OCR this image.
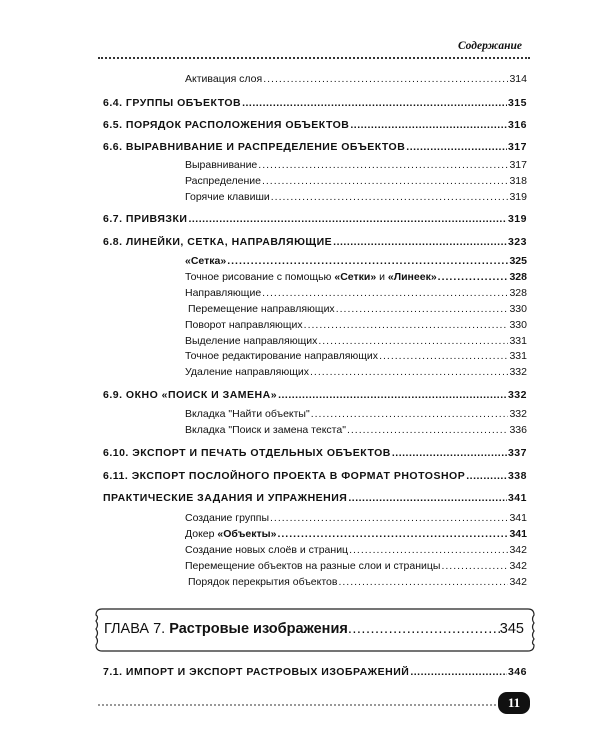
Содержание
Активация слоя .....	314
6.4. ГРУППЫ ОБЪЕКТОВ .....	315
6.5. ПОРЯДОК РАСПОЛОЖЕНИЯ ОБЪЕКТОВ .....	316
6.6. ВЫРАВНИВАНИЕ И РАСПРЕДЕЛЕНИЕ ОБЪЕКТОВ .....	317
Выравнивание .....	317
Распределение .....	318
Горячие клавиши .....	319
6.7. ПРИВЯЗКИ .....	319
6.8. ЛИНЕЙКИ, СЕТКА, НАПРАВЛЯЮЩИЕ .....	323
«Сетка» .....	325
Точное рисование с помощью «Сетки» и «Линеек» .....	328
Направляющие .....	328
Перемещение направляющих .....	330
Поворот направляющих .....	330
Выделение направляющих .....	331
Точное редактирование направляющих .....	331
Удаление направляющих .....	332
6.9. ОКНО «ПОИСК И ЗАМЕНА» .....	332
Вкладка "Найти объекты" .....	332
Вкладка "Поиск и замена текста" .....	336
6.10. ЭКСПОРТ И ПЕЧАТЬ ОТДЕЛЬНЫХ ОБЪЕКТОВ .....	337
6.11. ЭКСПОРТ ПОСЛОЙНОГО ПРОЕКТА В ФОРМАТ PHOTOSHOP .....	338
ПРАКТИЧЕСКИЕ ЗАДАНИЯ И УПРАЖНЕНИЯ .....	341
Создание группы .....	341
Докер «Объекты» .....	341
Создание новых слоёв и страниц .....	342
Перемещение объектов на разные слои и страницы .....	342
Порядок перекрытия объектов .....	342
ГЛАВА 7. Растровые изображения .....	345
7.1. ИМПОРТ И ЭКСПОРТ РАСТРОВЫХ ИЗОБРАЖЕНИЙ .....	346
11
